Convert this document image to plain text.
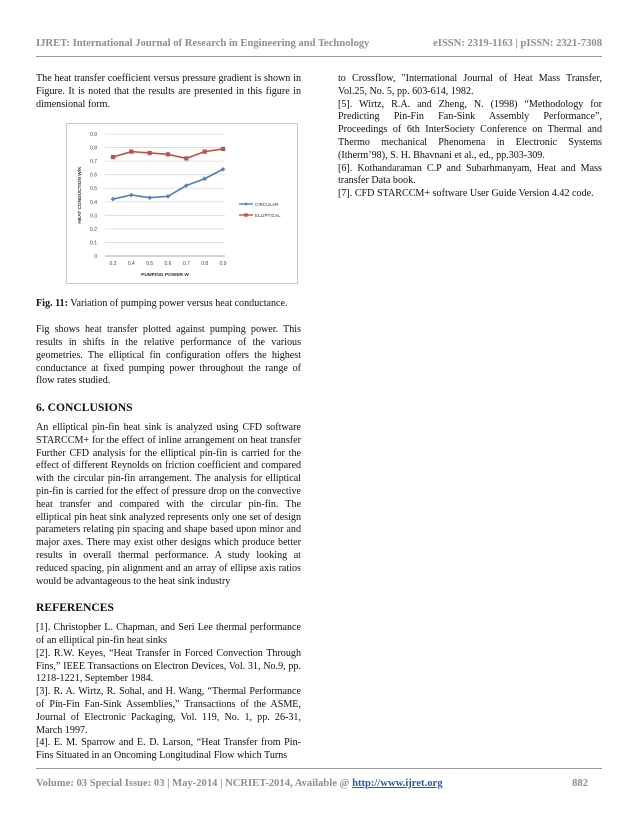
IJRET: International Journal of Research in Engineering and Technology	eISSN: 2319-1163 | pISSN: 2321-7308

The heat transfer coefficient versus pressure gradient is shown in Figure. It is noted that the results are presented in this figure in dimensional form.

0
0.1
0.2
0.3
0.4
0.5
0.6
0.7
0.8
0.9
0.3 0.4 0.5 0.6 0.7 0.8 0.9
PUMPING POWER W
HEAT CONDUCTION W/K	CIRCULAR
ELLIPTICAL

Fig. 11: Variation of pumping power versus heat conductance.

Fig shows heat transfer plotted against pumping power. This results in shifts in the relative performance of the various geometries. The elliptical fin configuration offers the highest conductance at fixed pumping power throughout the range of flow rates studied.

6. CONCLUSIONS

An elliptical pin-fin heat sink is analyzed using CFD software STARCCM+ for the effect of inline arrangement on heat transfer Further CFD analysis for the elliptical pin-fin is carried for the effect of different Reynolds on friction coefficient and compared with the circular pin-fin arrangement. The analysis for elliptical pin-fin is carried for the effect of pressure drop on the convective heat transfer and compared with the circular pin-fin. The elliptical pin heat sink analyzed represents only one set of design parameters relating pin spacing and shape based upon minor and major axes. There may exist other designs which produce better results in overall thermal performance. A study looking at reduced spacing, pin alignment and an array of ellipse axis ratios would be advantageous to the heat sink industry

REFERENCES

[1]. Christopher L. Chapman, and Seri Lee thermal performance of an elliptical pin-fin heat sinks

[2]. R.W. Keyes, “Heat Transfer in Forced Convection Through Fins,” IEEE Transactions on Electron Devices, Vol. 31, No.9, pp. 1218-1221, September 1984.

[3]. R. A. Wirtz, R. Sohal, and H. Wang, “Thermal Performance of Pin-Fin Fan-Sink Assemblies,” Transactions of the ASME, Journal of Electronic Packaging, Vol. 119, No. 1, pp. 26-31, March 1997.

[4]. E. M. Sparrow and E. D. Larson, “Heat Transfer from Pin-Fins Situated in an Oncoming Longitudinal Flow which Turns

to Crossflow, "International Journal of Heat Mass Transfer, Vol.25, No. 5, pp. 603-614, 1982.

[5]. Wirtz, R.A. and Zheng, N. (1998) “Methodology for Predicting Pin-Fin Fan-Sink Assembly Performance”, Proceedings of 6th InterSociety Conference on Thermal and Thermo mechanical Phenomena in Electronic Systems (Itherm’98), S. H. Bhavnani et al., ed., pp.303-309.

[6]. Kothandaraman C.P and Subarhmanyam, Heat and Mass transfer Data book.

[7]. CFD STARCCM+ software User Guide Version 4.42 code.

Volume: 03 Special Issue: 03 | May-2014 | NCRIET-2014, Available @ http://www.ijret.org	882
